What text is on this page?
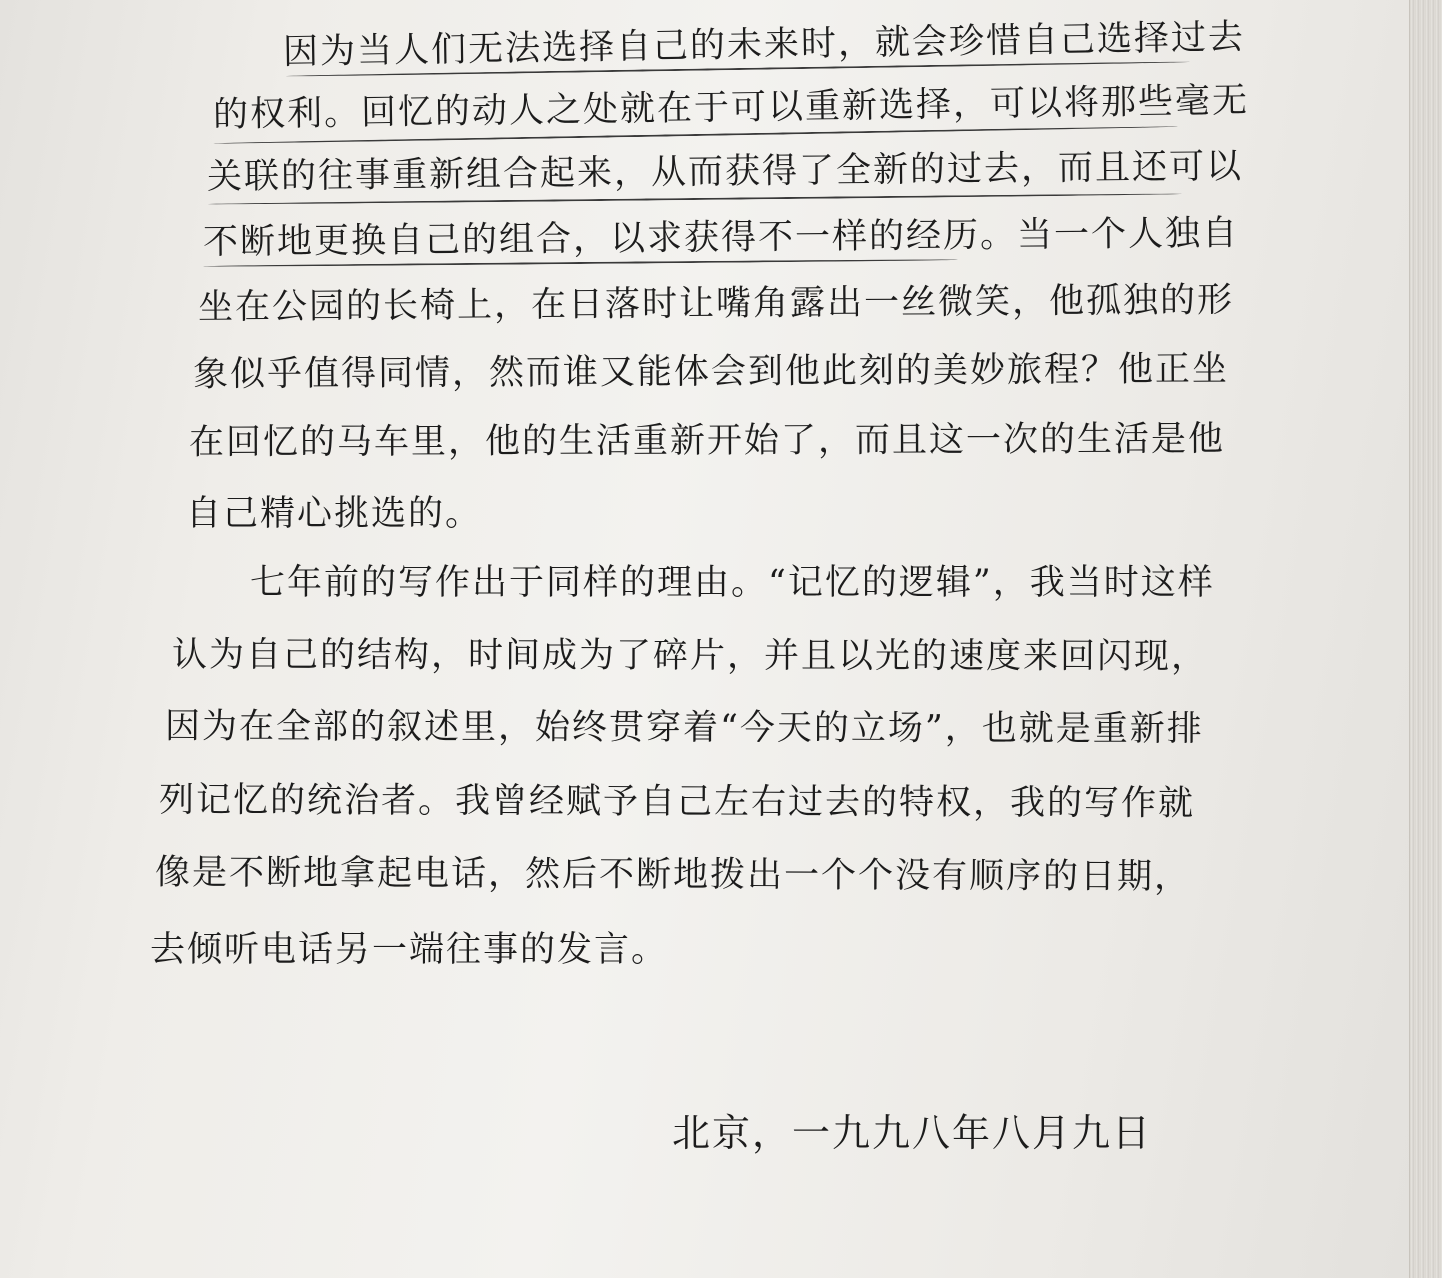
因为当人们无法选择自己的未来时，就会珍惜自己选择过去
的权利。回忆的动人之处就在于可以重新选择，可以将那些毫无
关联的往事重新组合起来，从而获得了全新的过去，而且还可以
不断地更换自己的组合，以求获得不一样的经历。当一个人独自
坐在公园的长椅上，在日落时让嘴角露出一丝微笑，他孤独的形
象似乎值得同情，然而谁又能体会到他此刻的美妙旅程？他正坐
在回忆的马车里，他的生活重新开始了，而且这一次的生活是他
自己精心挑选的。
七年前的写作出于同样的理由。“记忆的逻辑”，我当时这样
认为自己的结构，时间成为了碎片，并且以光的速度来回闪现，
因为在全部的叙述里，始终贯穿着“今天的立场”，也就是重新排
列记忆的统治者。我曾经赋予自己左右过去的特权，我的写作就
像是不断地拿起电话，然后不断地拨出一个个没有顺序的日期，
去倾听电话另一端往事的发言。
北京，一九九八年八月九日
